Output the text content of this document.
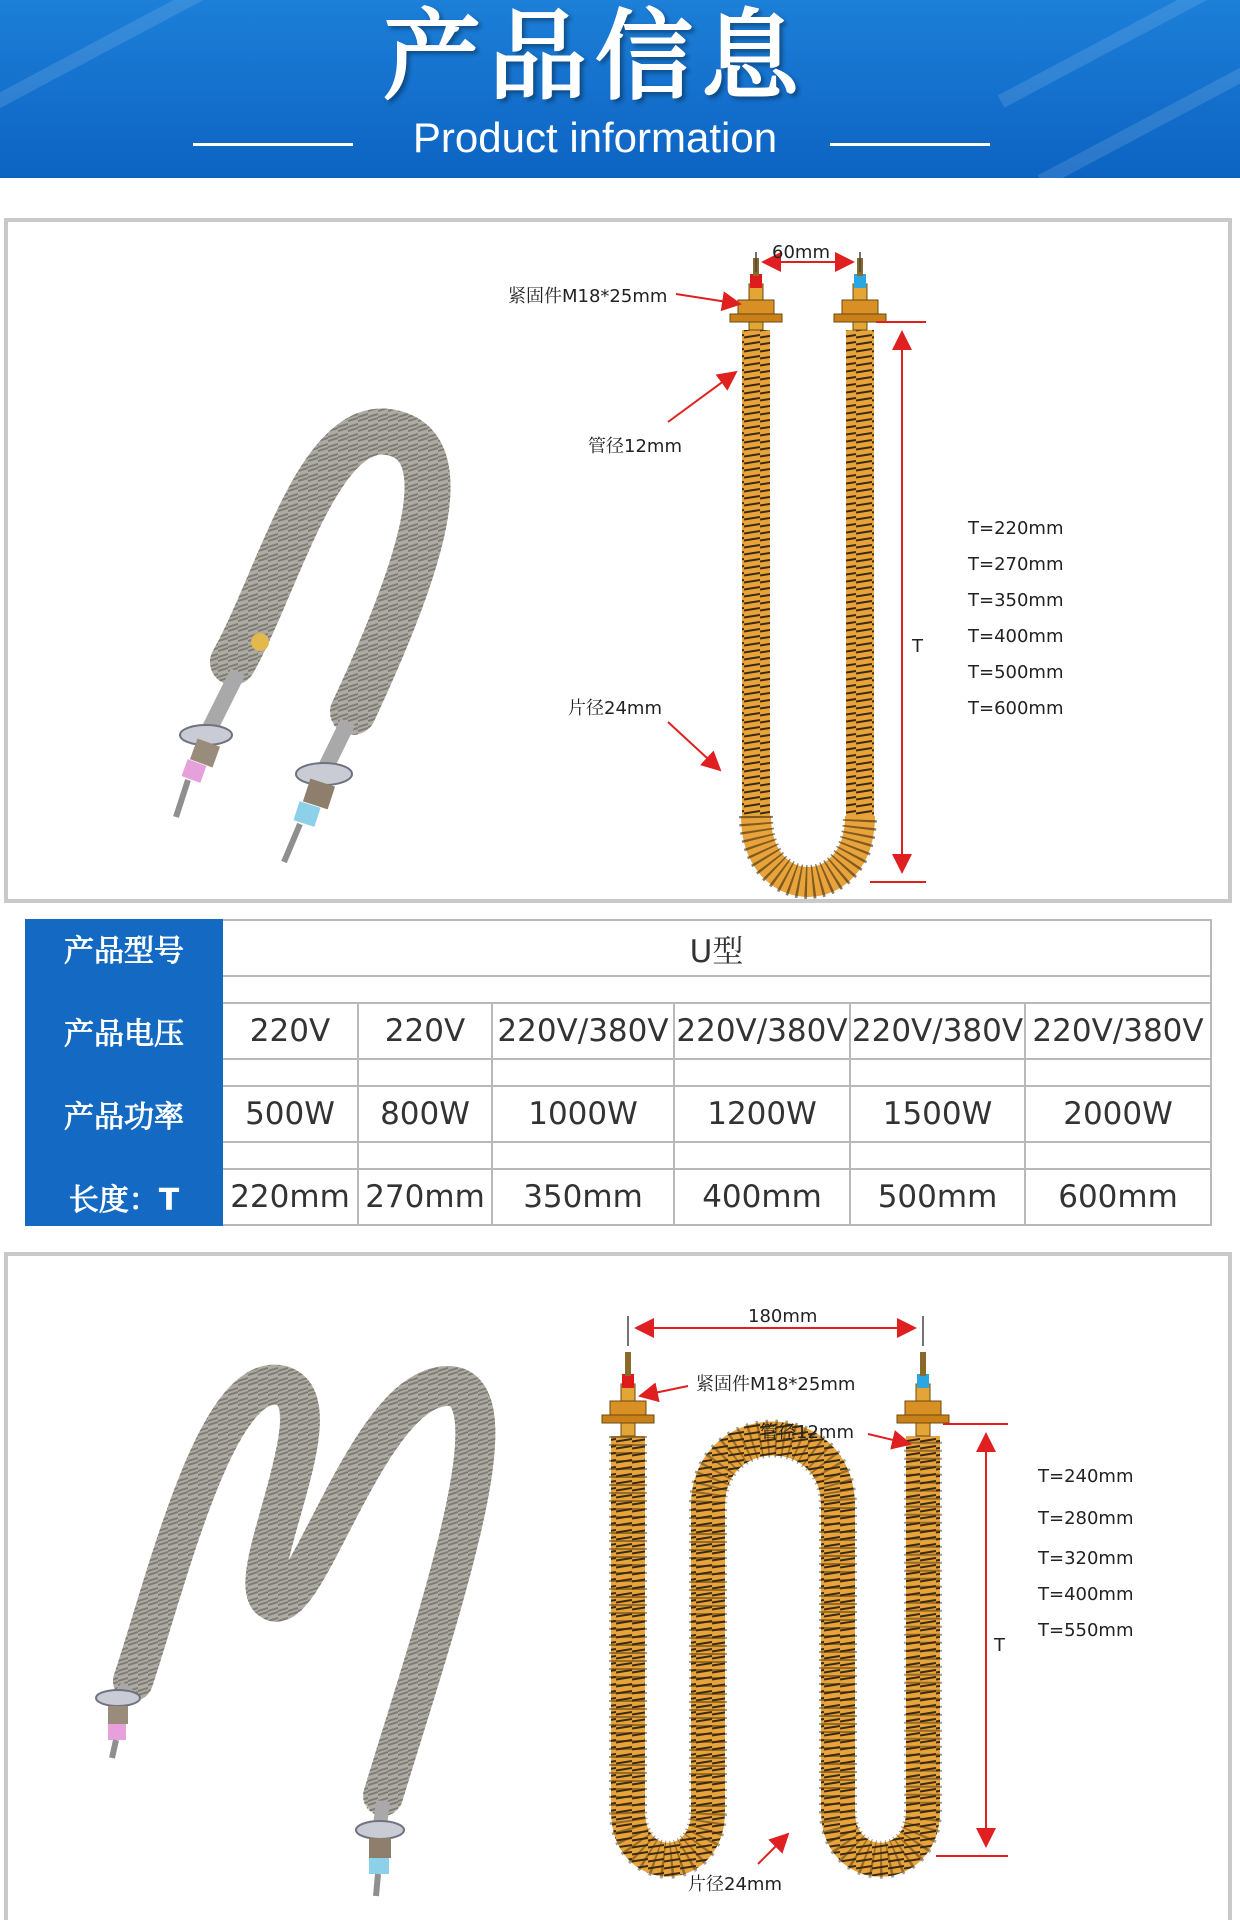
产品信息
Product information
60mm
紧固件M18*25mm
管径12mm
片径24mm
T
T=220mm
T=270mm
T=350mm
T=400mm
T=500mm
T=600mm
产品型号	U型					

产品电压	220V	220V	220V/380V	220V/380V	220V/380V	220V/380V

产品功率	500W	800W	1000W	1200W	1500W	2000W

长度：T	220mm	270mm	350mm	400mm	500mm	600mm
180mm
紧固件M18*25mm
管径12mm
片径24mm
T
T=240mm
T=280mm
T=320mm
T=400mm
T=550mm
